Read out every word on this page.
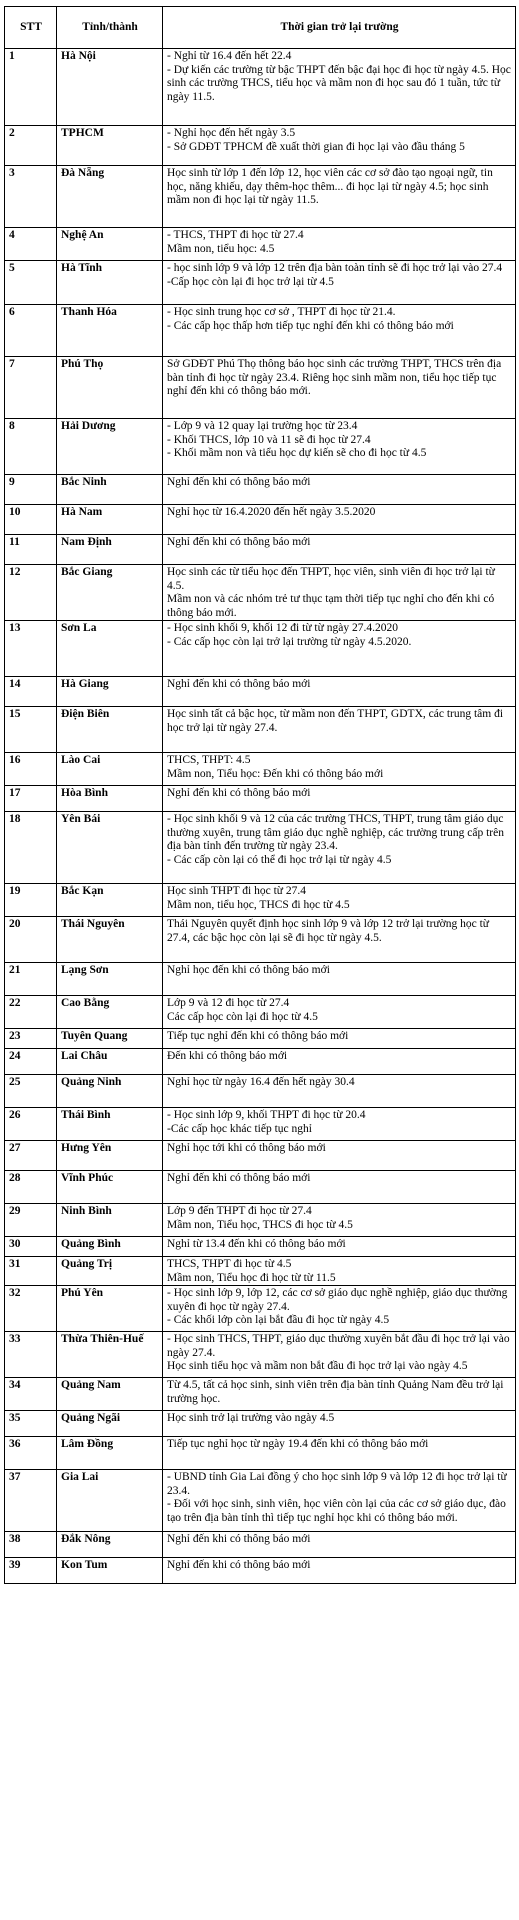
STT	Tỉnh/thành	Thời gian trở lại trường
1	Hà Nội	- Nghỉ từ 16.4 đến hết 22.4
- Dự kiến các trường từ bậc THPT đến bậc đại học đi học từ ngày 4.5. Học sinh các trường THCS, tiểu học và mầm non đi học sau đó 1 tuần, tức từ ngày 11.5.

2	TPHCM	- Nghỉ học đến hết ngày 3.5
- Sở GDĐT TPHCM đề xuất thời gian đi học lại vào đầu tháng 5

3	Đà Nẵng	Học sinh từ lớp 1 đến lớp 12, học viên các cơ sở đào tạo ngoại ngữ, tin học, năng khiếu, dạy thêm-học thêm... đi học lại từ ngày 4.5; học sinh mầm non đi học lại từ ngày 11.5.

4	Nghệ An	- THCS, THPT đi học từ 27.4
Mầm non, tiểu học: 4.5

5	Hà Tĩnh	- học sinh lớp 9 và lớp 12 trên địa bàn toàn tỉnh sẽ đi học trở lại vào 27.4
-Cấp học còn lại đi học trở lại từ 4.5

6	Thanh Hóa	- Học sinh trung học cơ sở , THPT đi học từ 21.4.
- Các cấp học thấp hơn tiếp tục nghỉ đến khi có thông báo mới

7	Phú Thọ	Sở GDĐT Phú Thọ thông báo học sinh các trường THPT, THCS trên địa bàn tỉnh đi học từ ngày 23.4. Riêng học sinh mầm non, tiểu học tiếp tục nghỉ đến khi có thông báo mới.

8	Hải Dương	- Lớp 9 và 12 quay lại trường học từ 23.4
- Khối THCS, lớp 10 và 11 sẽ đi học từ 27.4
- Khối mầm non và tiểu học dự kiến sẽ cho đi học từ 4.5

9	Bắc Ninh	Nghỉ đến khi có thông báo mới

10	Hà Nam	Nghỉ học từ 16.4.2020 đến hết ngày 3.5.2020

11	Nam Định	Nghỉ đến khi có thông báo mới

12	Bắc Giang	Học sinh các từ tiểu học đến THPT, học viên, sinh viên đi học trở lại từ 4.5.
Mầm non và các nhóm trẻ tư thục tạm thời tiếp tục nghỉ cho đến khi có thông báo mới.

13	Sơn La	- Học sinh khối 9, khối 12 đi từ từ ngày 27.4.2020
- Các cấp học còn lại trở lại trường từ ngày 4.5.2020.

14	Hà Giang	Nghỉ đến khi có thông báo mới

15	Điện Biên	Học sinh tất cả bậc học, từ mầm non đến THPT, GDTX, các trung tâm đi học trở lại từ ngày 27.4.

16	Lào Cai	THCS, THPT: 4.5
Mầm non, Tiểu học: Đến khi có thông báo mới

17	Hòa Bình	Nghỉ đến khi có thông báo mới

18	Yên Bái	- Học sinh khối 9 và 12 của các trường THCS, THPT, trung tâm giáo dục thường xuyên, trung tâm giáo dục nghề nghiệp, các trường trung cấp trên địa bàn tỉnh đến trường từ ngày 23.4.
- Các cấp còn lại có thể đi học trở lại từ ngày 4.5

19	Bắc Kạn	Học sinh THPT đi học từ 27.4
Mầm non, tiểu học, THCS đi học từ 4.5

20	Thái Nguyên	Thái Nguyên quyết định học sinh lớp 9 và lớp 12 trở lại trường học từ 27.4, các bậc học còn lại sẽ đi học từ ngày 4.5.

21	Lạng Sơn	Nghỉ học đến khi có thông báo mới

22	Cao Bằng	Lớp 9 và 12 đi học từ 27.4
Các cấp học còn lại đi học từ 4.5

23	Tuyên Quang	Tiếp tục nghỉ đến khi có thông báo mới

24	Lai Châu	Đến khi có thông báo mới

25	Quảng Ninh	Nghỉ học từ ngày 16.4 đến hết ngày 30.4

26	Thái Bình	- Học sinh lớp 9, khối THPT đi học từ 20.4
-Các cấp học khác tiếp tục nghỉ

27	Hưng Yên	Nghỉ học tới khi có thông báo mới

28	Vĩnh Phúc	Nghỉ đến khi có thông báo mới

29	Ninh Bình	Lớp 9 đến THPT đi học từ 27.4
Mầm non, Tiểu học, THCS đi học từ 4.5

30	Quảng Bình	Nghỉ từ 13.4 đến khi có thông báo mới

31	Quảng Trị	THCS, THPT đi học từ 4.5
Mầm non, Tiểu học đi học từ từ 11.5

32	Phú Yên	- Học sinh lớp 9, lớp 12, các cơ sở giáo dục nghề nghiệp, giáo dục thường xuyên đi học từ ngày 27.4.
- Các khối lớp còn lại bắt đầu đi học từ ngày 4.5

33	Thừa Thiên-Huế	- Học sinh THCS, THPT, giáo dục thường xuyên bắt đầu đi học trở lại vào ngày 27.4.
Học sinh tiểu học và mầm non bắt đầu đi học trở lại vào ngày 4.5

34	Quảng Nam	Từ 4.5, tất cả học sinh, sinh viên trên địa bàn tỉnh Quảng Nam đều trở lại trường học.

35	Quảng Ngãi	Học sinh trở lại trường vào ngày 4.5

36	Lâm Đồng	Tiếp tục nghỉ học từ ngày 19.4 đến khi có thông báo mới

37	Gia Lai	- UBND tỉnh Gia Lai đồng ý cho học sinh lớp 9 và lớp 12 đi học trở lại từ 23.4.
- Đối với học sinh, sinh viên, học viên còn lại của các cơ sở giáo dục, đào tạo trên địa bàn tỉnh thì tiếp tục nghỉ học khi có thông báo mới.

38	Đắk Nông	Nghỉ đến khi có thông báo mới

39	Kon Tum	Nghỉ đến khi có thông báo mới
